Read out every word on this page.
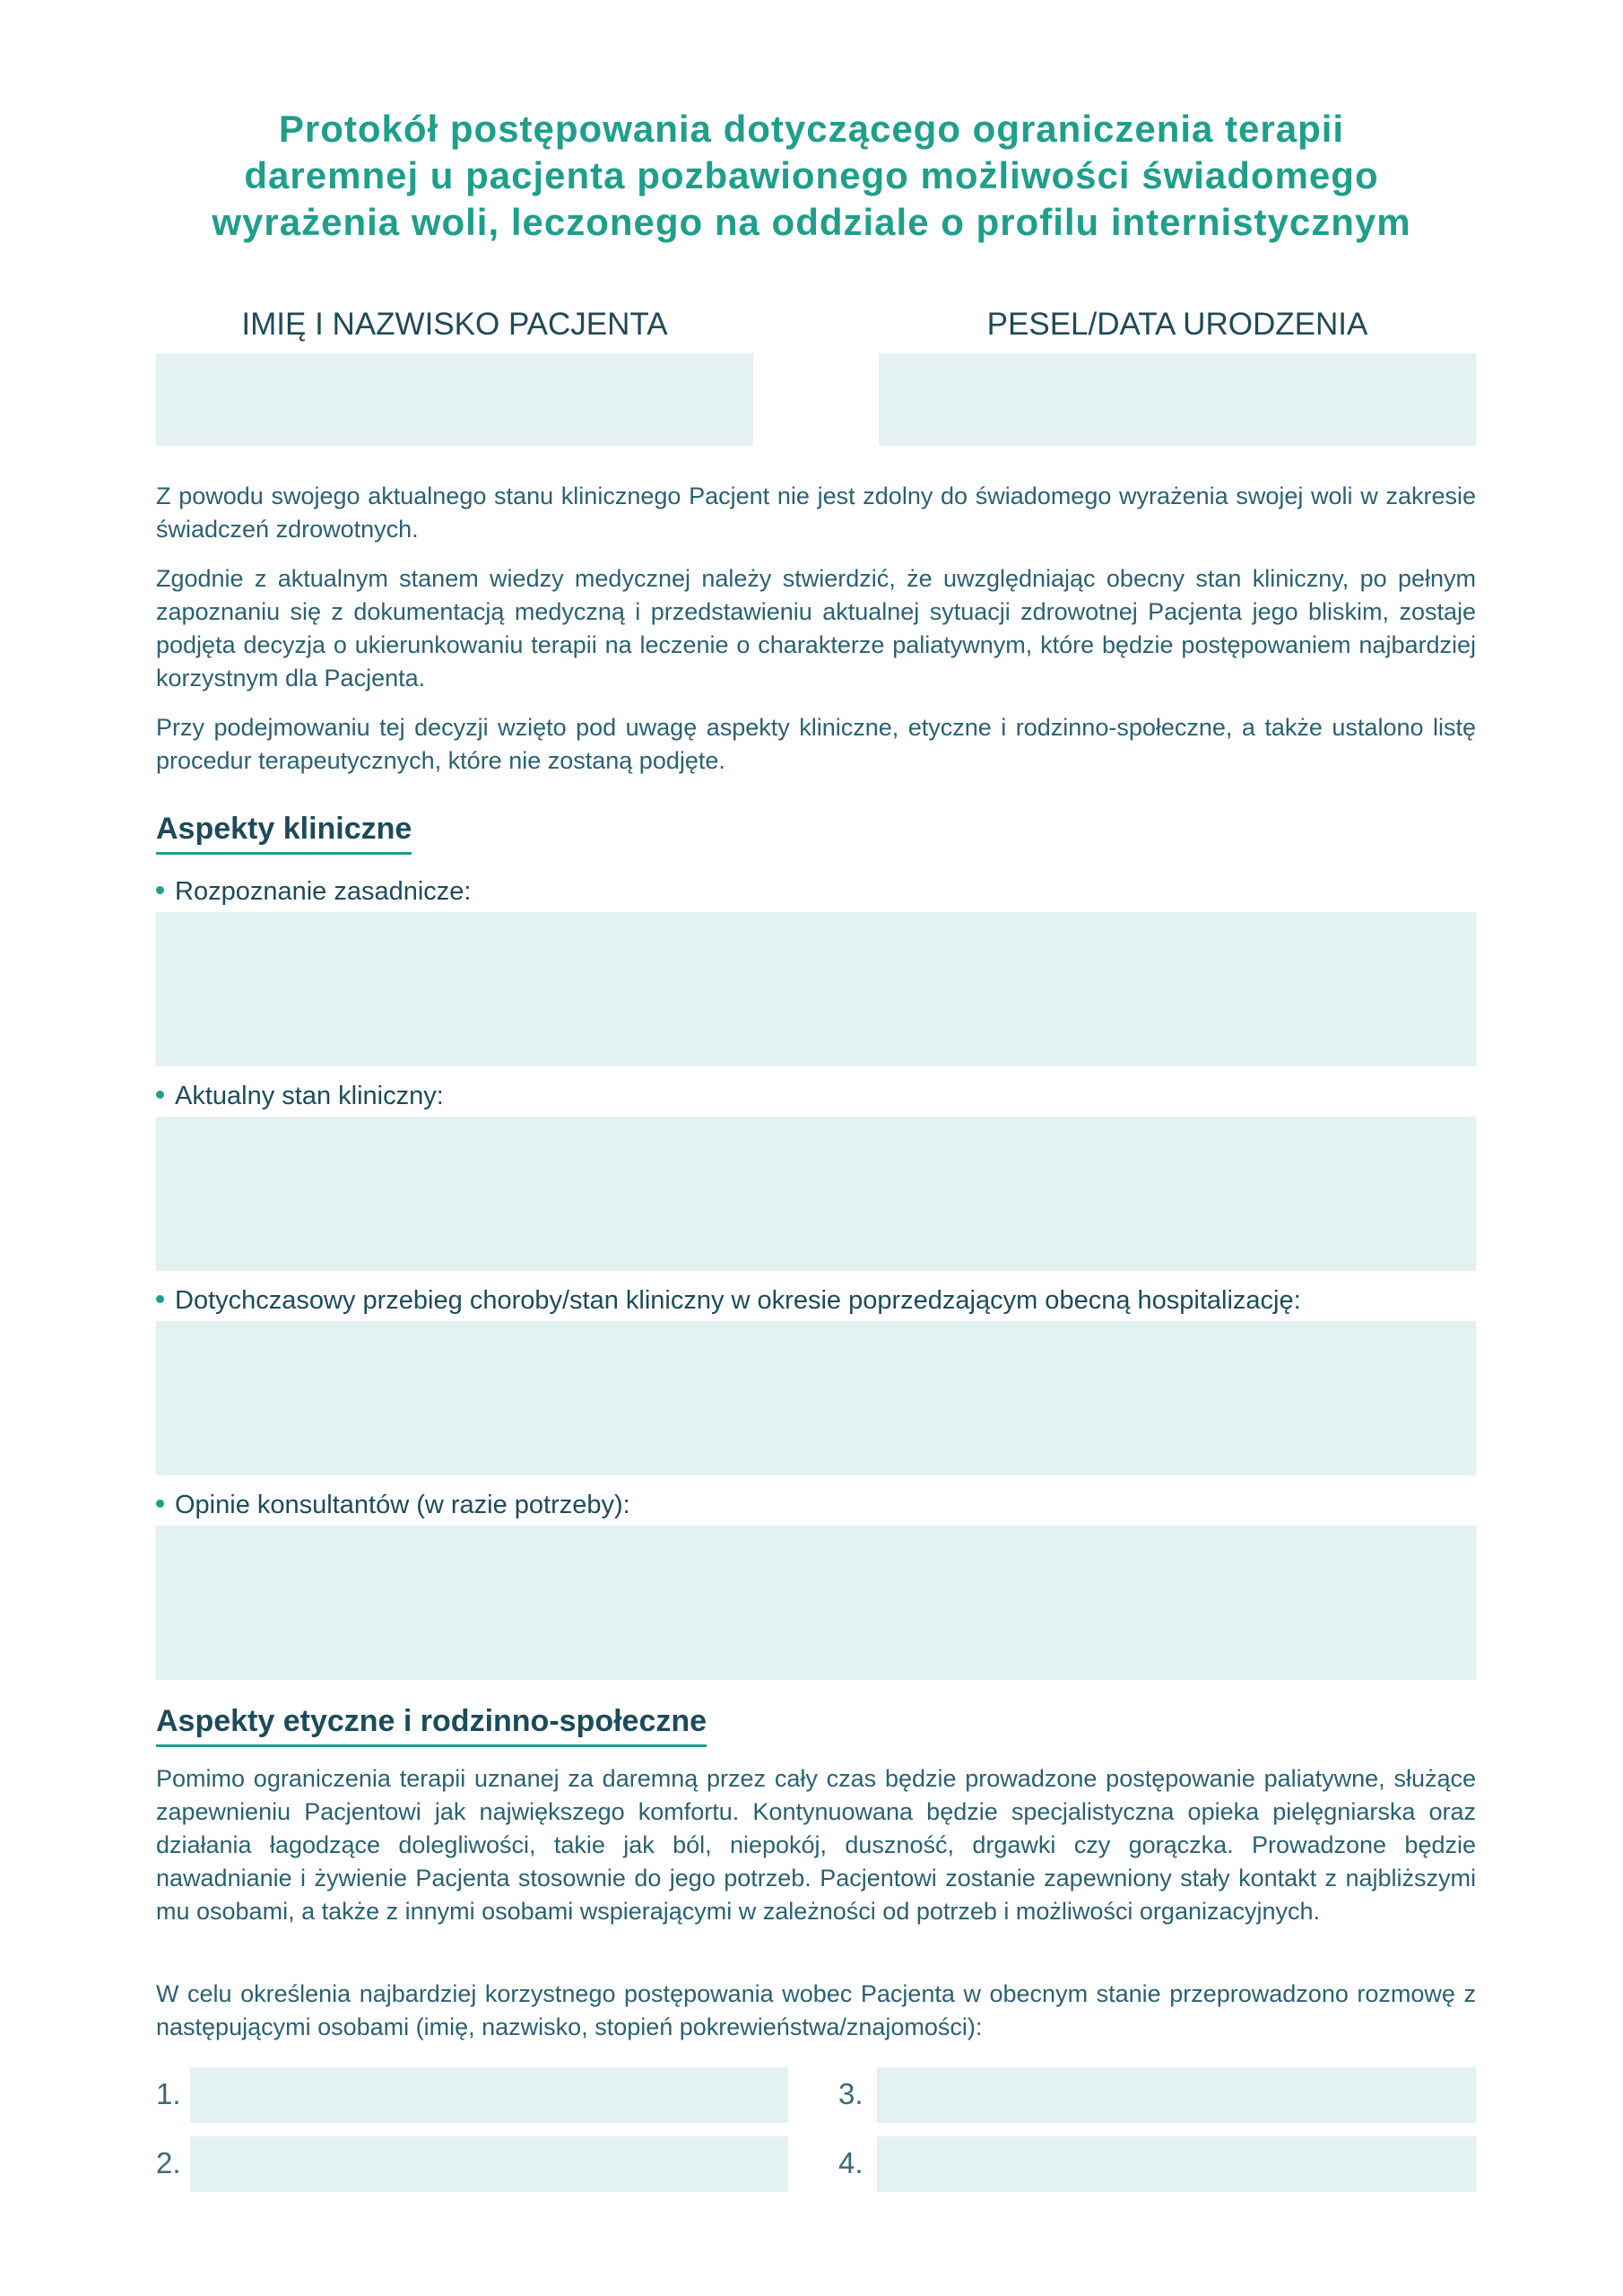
Protokół postępowania dotyczącego ograniczenia terapii
daremnej u pacjenta pozbawionego możliwości świadomego
wyrażenia woli, leczonego na oddziale o profilu internistycznym
IMIĘ I NAZWISKO PACJENTA	PESEL/DATA URODZENIA
Z powodu swojego aktualnego stanu klinicznego Pacjent nie jest zdolny do świadomego wyrażenia swojej woli w zakresie świadczeń zdrowotnych.
Zgodnie z aktualnym stanem wiedzy medycznej należy stwierdzić, że uwzględniając obecny stan kliniczny, po pełnym zapoznaniu się z dokumentacją medyczną i przedstawieniu aktualnej sytuacji zdrowotnej Pacjenta jego bliskim, zostaje podjęta decyzja o ukierunkowaniu terapii na leczenie o charakterze paliatywnym, które będzie postępowaniem najbardziej korzystnym dla Pacjenta.
Przy podejmowaniu tej decyzji wzięto pod uwagę aspekty kliniczne, etyczne i rodzinno-społeczne, a także ustalono listę procedur terapeutycznych, które nie zostaną podjęte.
Aspekty kliniczne
Rozpoznanie zasadnicze:
Aktualny stan kliniczny:
Dotychczasowy przebieg choroby/stan kliniczny w okresie poprzedzającym obecną hospitalizację:
Opinie konsultantów (w razie potrzeby):
Aspekty etyczne i rodzinno-społeczne
Pomimo ograniczenia terapii uznanej za daremną przez cały czas będzie prowadzone postępowanie paliatywne, służące zapewnieniu Pacjentowi jak największego komfortu. Kontynuowana będzie specjalistyczna opieka pielęgniarska oraz działania łagodzące dolegliwości, takie jak ból, niepokój, duszność, drgawki czy gorączka. Prowadzone będzie nawadnianie i żywienie Pacjenta stosownie do jego potrzeb. Pacjentowi zostanie zapewniony stały kontakt z najbliższymi mu osobami, a także z innymi osobami wspierającymi w zależności od potrzeb i możliwości organizacyjnych.
W celu określenia najbardziej korzystnego postępowania wobec Pacjenta w obecnym stanie przeprowadzono rozmowę z następującymi osobami (imię, nazwisko, stopień pokrewieństwa/znajomości):
1.
2.
3.
4.
